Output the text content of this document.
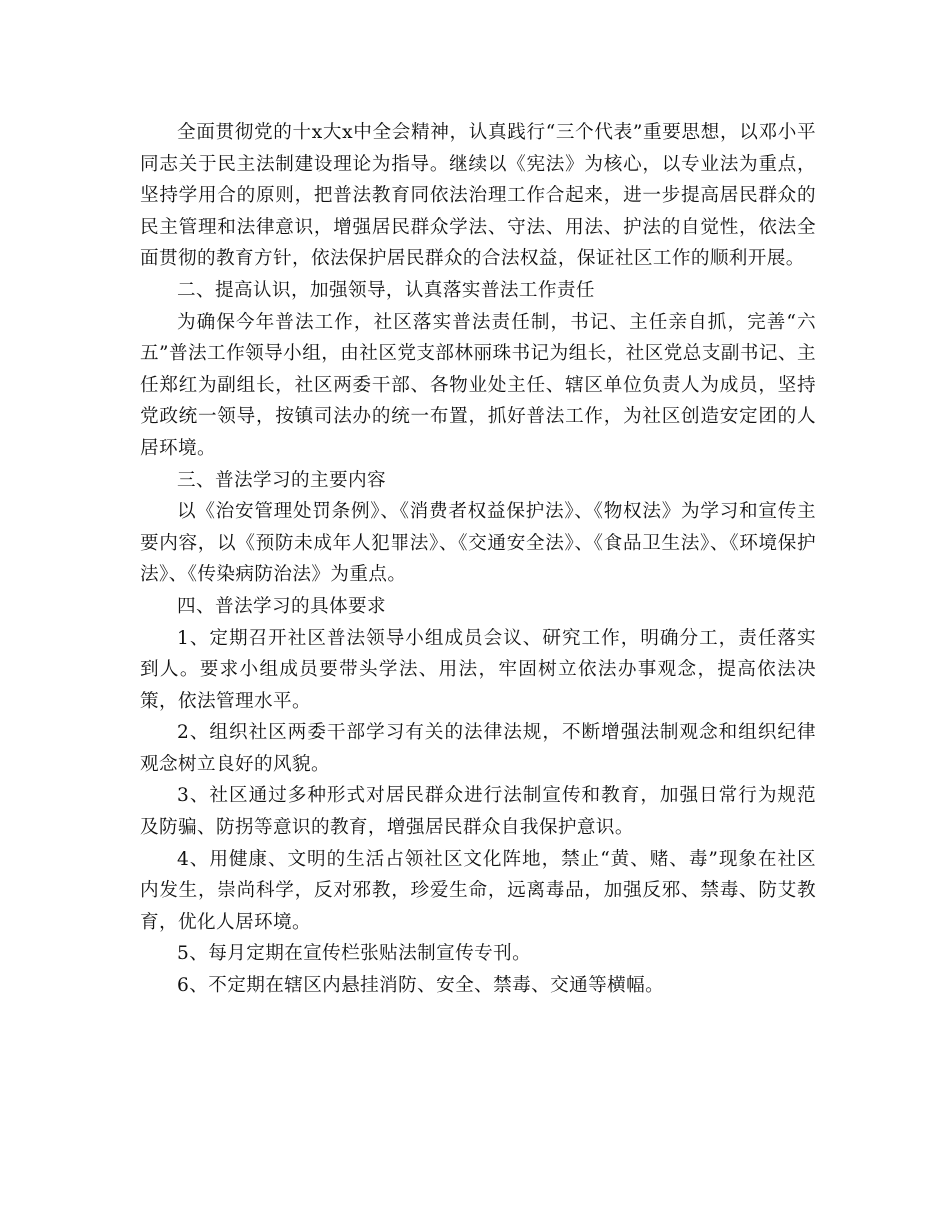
全面贯彻党的十x大x中全会精神，认真践行“三个代表”重要思想，以邓小平同志关于民主法制建设理论为指导。继续以《宪法》为核心，以专业法为重点，坚持学用合的原则，把普法教育同依法治理工作合起来，进一步提高居民群众的民主管理和法律意识，增强居民群众学法、守法、用法、护法的自觉性，依法全面贯彻的教育方针，依法保护居民群众的合法权益，保证社区工作的顺利开展。

二、提高认识，加强领导，认真落实普法工作责任

为确保今年普法工作，社区落实普法责任制，书记、主任亲自抓，完善“六五”普法工作领导小组，由社区党支部林丽珠书记为组长，社区党总支副书记、主任郑红为副组长，社区两委干部、各物业处主任、辖区单位负责人为成员，坚持党政统一领导，按镇司法办的统一布置，抓好普法工作，为社区创造安定团的人居环境。

三、普法学习的主要内容

以《治安管理处罚条例》、《消费者权益保护法》、《物权法》为学习和宣传主要内容，以《预防未成年人犯罪法》、《交通安全法》、《食品卫生法》、《环境保护法》、《传染病防治法》为重点。

四、普法学习的具体要求

1、定期召开社区普法领导小组成员会议、研究工作，明确分工，责任落实到人。要求小组成员要带头学法、用法，牢固树立依法办事观念，提高依法决策，依法管理水平。

2、组织社区两委干部学习有关的法律法规，不断增强法制观念和组织纪律观念树立良好的风貌。

3、社区通过多种形式对居民群众进行法制宣传和教育，加强日常行为规范及防骗、防拐等意识的教育，增强居民群众自我保护意识。

4、用健康、文明的生活占领社区文化阵地，禁止“黄、赌、毒”现象在社区内发生，崇尚科学，反对邪教，珍爱生命，远离毒品，加强反邪、禁毒、防艾教育，优化人居环境。

5、每月定期在宣传栏张贴法制宣传专刊。

6、不定期在辖区内悬挂消防、安全、禁毒、交通等横幅。
